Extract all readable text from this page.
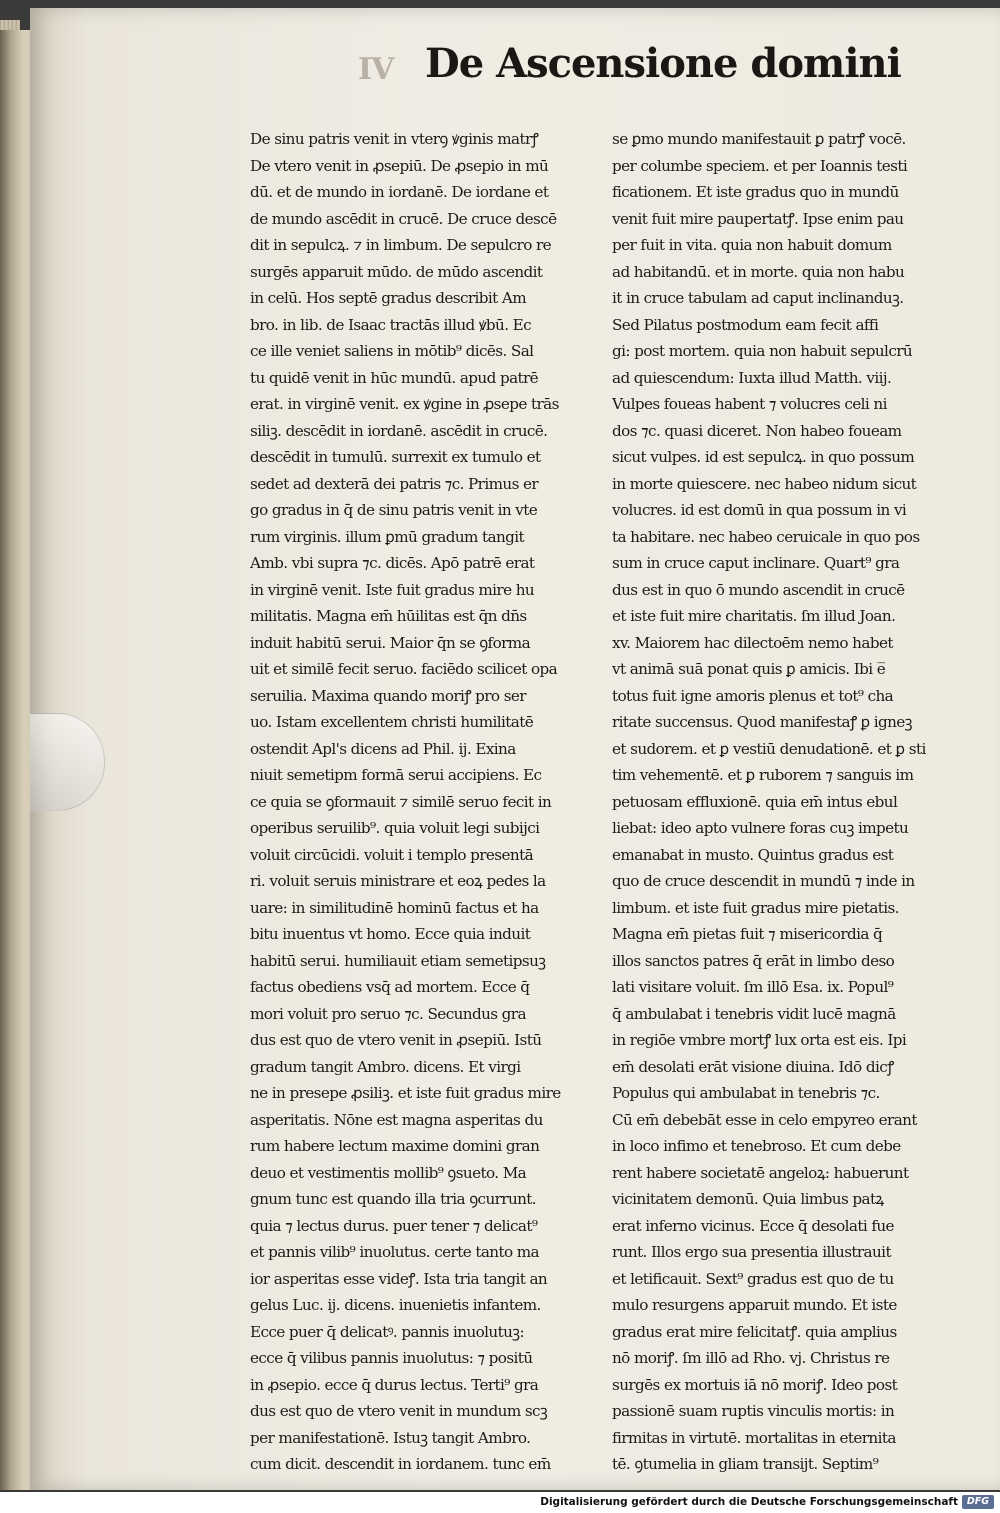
IV De Ascensione domini
De sinu patris venit in vterꝯ ꝟginis matrꝭ
De vtero venit in ꝓsepiū. De ꝓsepio in mū
dū. et de mundo in iordanē. De iordane et
de mundo ascēdit in crucē. De cruce descē
dit in sepulcꝝ. ⁊ in limbum. De sepulcro re
surgēs apparuit mūdo. de mūdo ascendit
in celū. Hos septē gradus describit Am
bro. in lib. de Isaac tractās illud ꝟbū. Ec
ce ille veniet saliens in mōtib⁹ dicēs. Sal
tu quidē venit in hūc mundū. apud patrē
erat. in virginē venit. ex ꝟgine in ꝓsepe trās
siliꝫ. descēdit in iordanē. ascēdit in crucē.
descēdit in tumulū. surrexit ex tumulo et
sedet ad dexterā dei patris ⁊c. Primus er
go gradus in q̄ de sinu patris venit in vte
rum virginis. illum ꝑmū gradum tangit
Amb. vbi supra ⁊c. dicēs. Apō patrē erat
in virginē venit. Iste fuit gradus mire hu
militatis. Magna em̄ hūilitas est q̄n dn̄s
induit habitū serui. Maior q̄n se ꝯforma
uit et similē fecit seruo. faciēdo scilicet opa
seruilia. Maxima quando moriꝭ pro ser
uo. Istam excellentem christi humilitatē
ostendit Apl's dicens ad Phil. ij. Exina
niuit semetipm formā serui accipiens. Ec
ce quia se ꝯformauit ⁊ similē seruo fecit in
operibus seruilib⁹. quia voluit legi subijci
voluit circūcidi. voluit i templo presentā
ri. voluit seruis ministrare et eoꝝ pedes la
uare: in similitudinē hominū factus et ha
bitu inuentus vt homo. Ecce quia induit
habitū serui. humiliauit etiam semetipsuꝫ
factus obediens vsq̄ ad mortem. Ecce q̄
mori voluit pro seruo ⁊c. Secundus gra
dus est quo de vtero venit in ꝓsepiū. Istū
gradum tangit Ambro. dicens. Et virgi
ne in presepe ꝓsiliꝫ. et iste fuit gradus mire
asperitatis. Nōne est magna asperitas du
rum habere lectum maxime domini gran
deuo et vestimentis mollib⁹ ꝯsueto. Ma
gnum tunc est quando illa tria ꝯcurrunt.
quia ⁊ lectus durus. puer tener ⁊ delicat⁹
et pannis vilib⁹ inuolutus. certe tanto ma
ior asperitas esse videꝭ. Ista tria tangit an
gelus Luc. ij. dicens. inuenietis infantem.
Ecce puer q̄ delicatꝰ. pannis inuolutuꝫ:
ecce q̄ vilibus pannis inuolutus: ⁊ positū
in ꝓsepio. ecce q̄ durus lectus. Terti⁹ gra
dus est quo de vtero venit in mundum scꝫ
per manifestationē. Istuꝫ tangit Ambro.
cum dicit. descendit in iordanem. tunc em̄
se ꝑmo mundo manifestauit ꝑ patrꝭ vocē.
per columbe speciem. et per Ioannis testi
ficationem. Et iste gradus quo in mundū
venit fuit mire paupertatꝭ. Ipse enim pau
per fuit in vita. quia non habuit domum
ad habitandū. et in morte. quia non habu
it in cruce tabulam ad caput inclinanduꝫ.
Sed Pilatus postmodum eam fecit affi
gi: post mortem. quia non habuit sepulcrū
ad quiescendum: Iuxta illud Matth. viij.
Vulpes foueas habent ⁊ volucres celi ni
dos ⁊c. quasi diceret. Non habeo foueam
sicut vulpes. id est sepulcꝝ. in quo possum
in morte quiescere. nec habeo nidum sicut
volucres. id est domū in qua possum in vi
ta habitare. nec habeo ceruicale in quo pos
sum in cruce caput inclinare. Quart⁹ gra
dus est in quo ō mundo ascendit in crucē
et iste fuit mire charitatis. ſm illud Joan.
xv. Maiorem hac dilectoēm nemo habet
vt animā suā ponat quis ꝑ amicis. Ibi e̅
totus fuit igne amoris plenus et tot⁹ cha
ritate succensus. Quod manifestaꝭ ꝑ igneꝫ
et sudorem. et ꝑ vestiū denudationē. et ꝑ sti
tim vehementē. et ꝑ ruborem ⁊ sanguis im
petuosam effluxionē. quia em̄ intus ebul
liebat: ideo apto vulnere foras cuꝫ impetu
emanabat in musto. Quintus gradus est
quo de cruce descendit in mundū ⁊ inde in
limbum. et iste fuit gradus mire pietatis.
Magna em̄ pietas fuit ⁊ misericordia q̄
illos sanctos patres q̄ erāt in limbo deso
lati visitare voluit. ſm illō Esa. ix. Popul⁹
q̄ ambulabat i tenebris vidit lucē magnā
in regiōe vmbre mortꝭ lux orta est eis. Ipi
em̄ desolati erāt visione diuina. Idō dicꝭ
Populus qui ambulabat in tenebris ⁊c.
Cū em̄ debebāt esse in celo empyreo erant
in loco infimo et tenebroso. Et cum debe
rent habere societatē angeloꝝ: habuerunt
vicinitatem demonū. Quia limbus patꝝ
erat inferno vicinus. Ecce q̄ desolati fue
runt. Illos ergo sua presentia illustrauit
et letificauit. Sext⁹ gradus est quo de tu
mulo resurgens apparuit mundo. Et iste
gradus erat mire felicitatꝭ. quia amplius
nō moriꝭ. ſm illō ad Rho. vj. Christus re
surgēs ex mortuis iā nō moriꝭ. Ideo post
passionē suam ruptis vinculis mortis: in
firmitas in virtutē. mortalitas in eternita
tē. ꝯtumelia in gliam transijt. Septim⁹
Digitalisierung gefördert durch die Deutsche Forschungsgemeinschaft DFG
